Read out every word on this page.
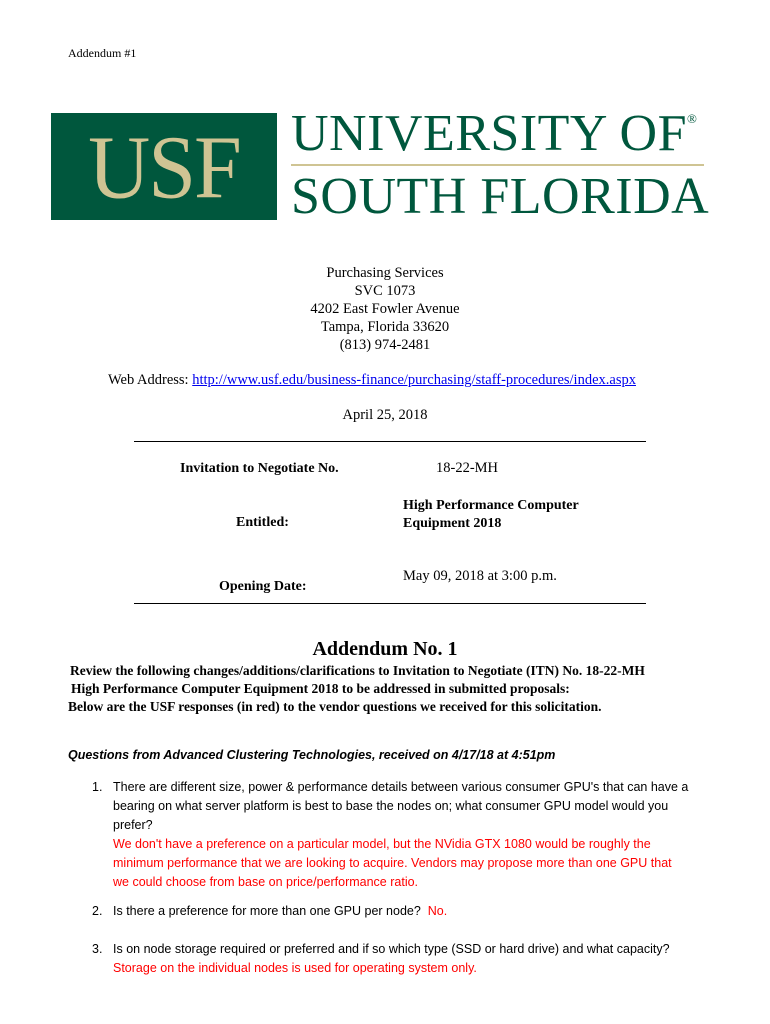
Addendum #1
USF UNIVERSITY OF®
SOUTH FLORIDA
Purchasing Services
SVC 1073
4202 East Fowler Avenue
Tampa, Florida 33620
(813) 974-2481
Web Address: http://www.usf.edu/business-finance/purchasing/staff-procedures/index.aspx
April 25, 2018
Invitation to Negotiate No.	18-22-MH
High Performance Computer
Equipment 2018
Entitled:
May 09, 2018 at 3:00 p.m.
Opening Date:
Addendum No. 1
Review the following changes/additions/clarifications to Invitation to Negotiate (ITN) No. 18-22-MH
High Performance Computer Equipment 2018 to be addressed in submitted proposals:
Below are the USF responses (in red) to the vendor questions we received for this solicitation.
Questions from Advanced Clustering Technologies, received on 4/17/18 at 4:51pm
1. There are different size, power & performance details between various consumer GPU's that can have a
bearing on what server platform is best to base the nodes on; what consumer GPU model would you
prefer?
We don't have a preference on a particular model, but the NVidia GTX 1080 would be roughly the
minimum performance that we are looking to acquire. Vendors may propose more than one GPU that
we could choose from base on price/performance ratio.
2. Is there a preference for more than one GPU per node? No.
3. Is on node storage required or preferred and if so which type (SSD or hard drive) and what capacity?
Storage on the individual nodes is used for operating system only.
